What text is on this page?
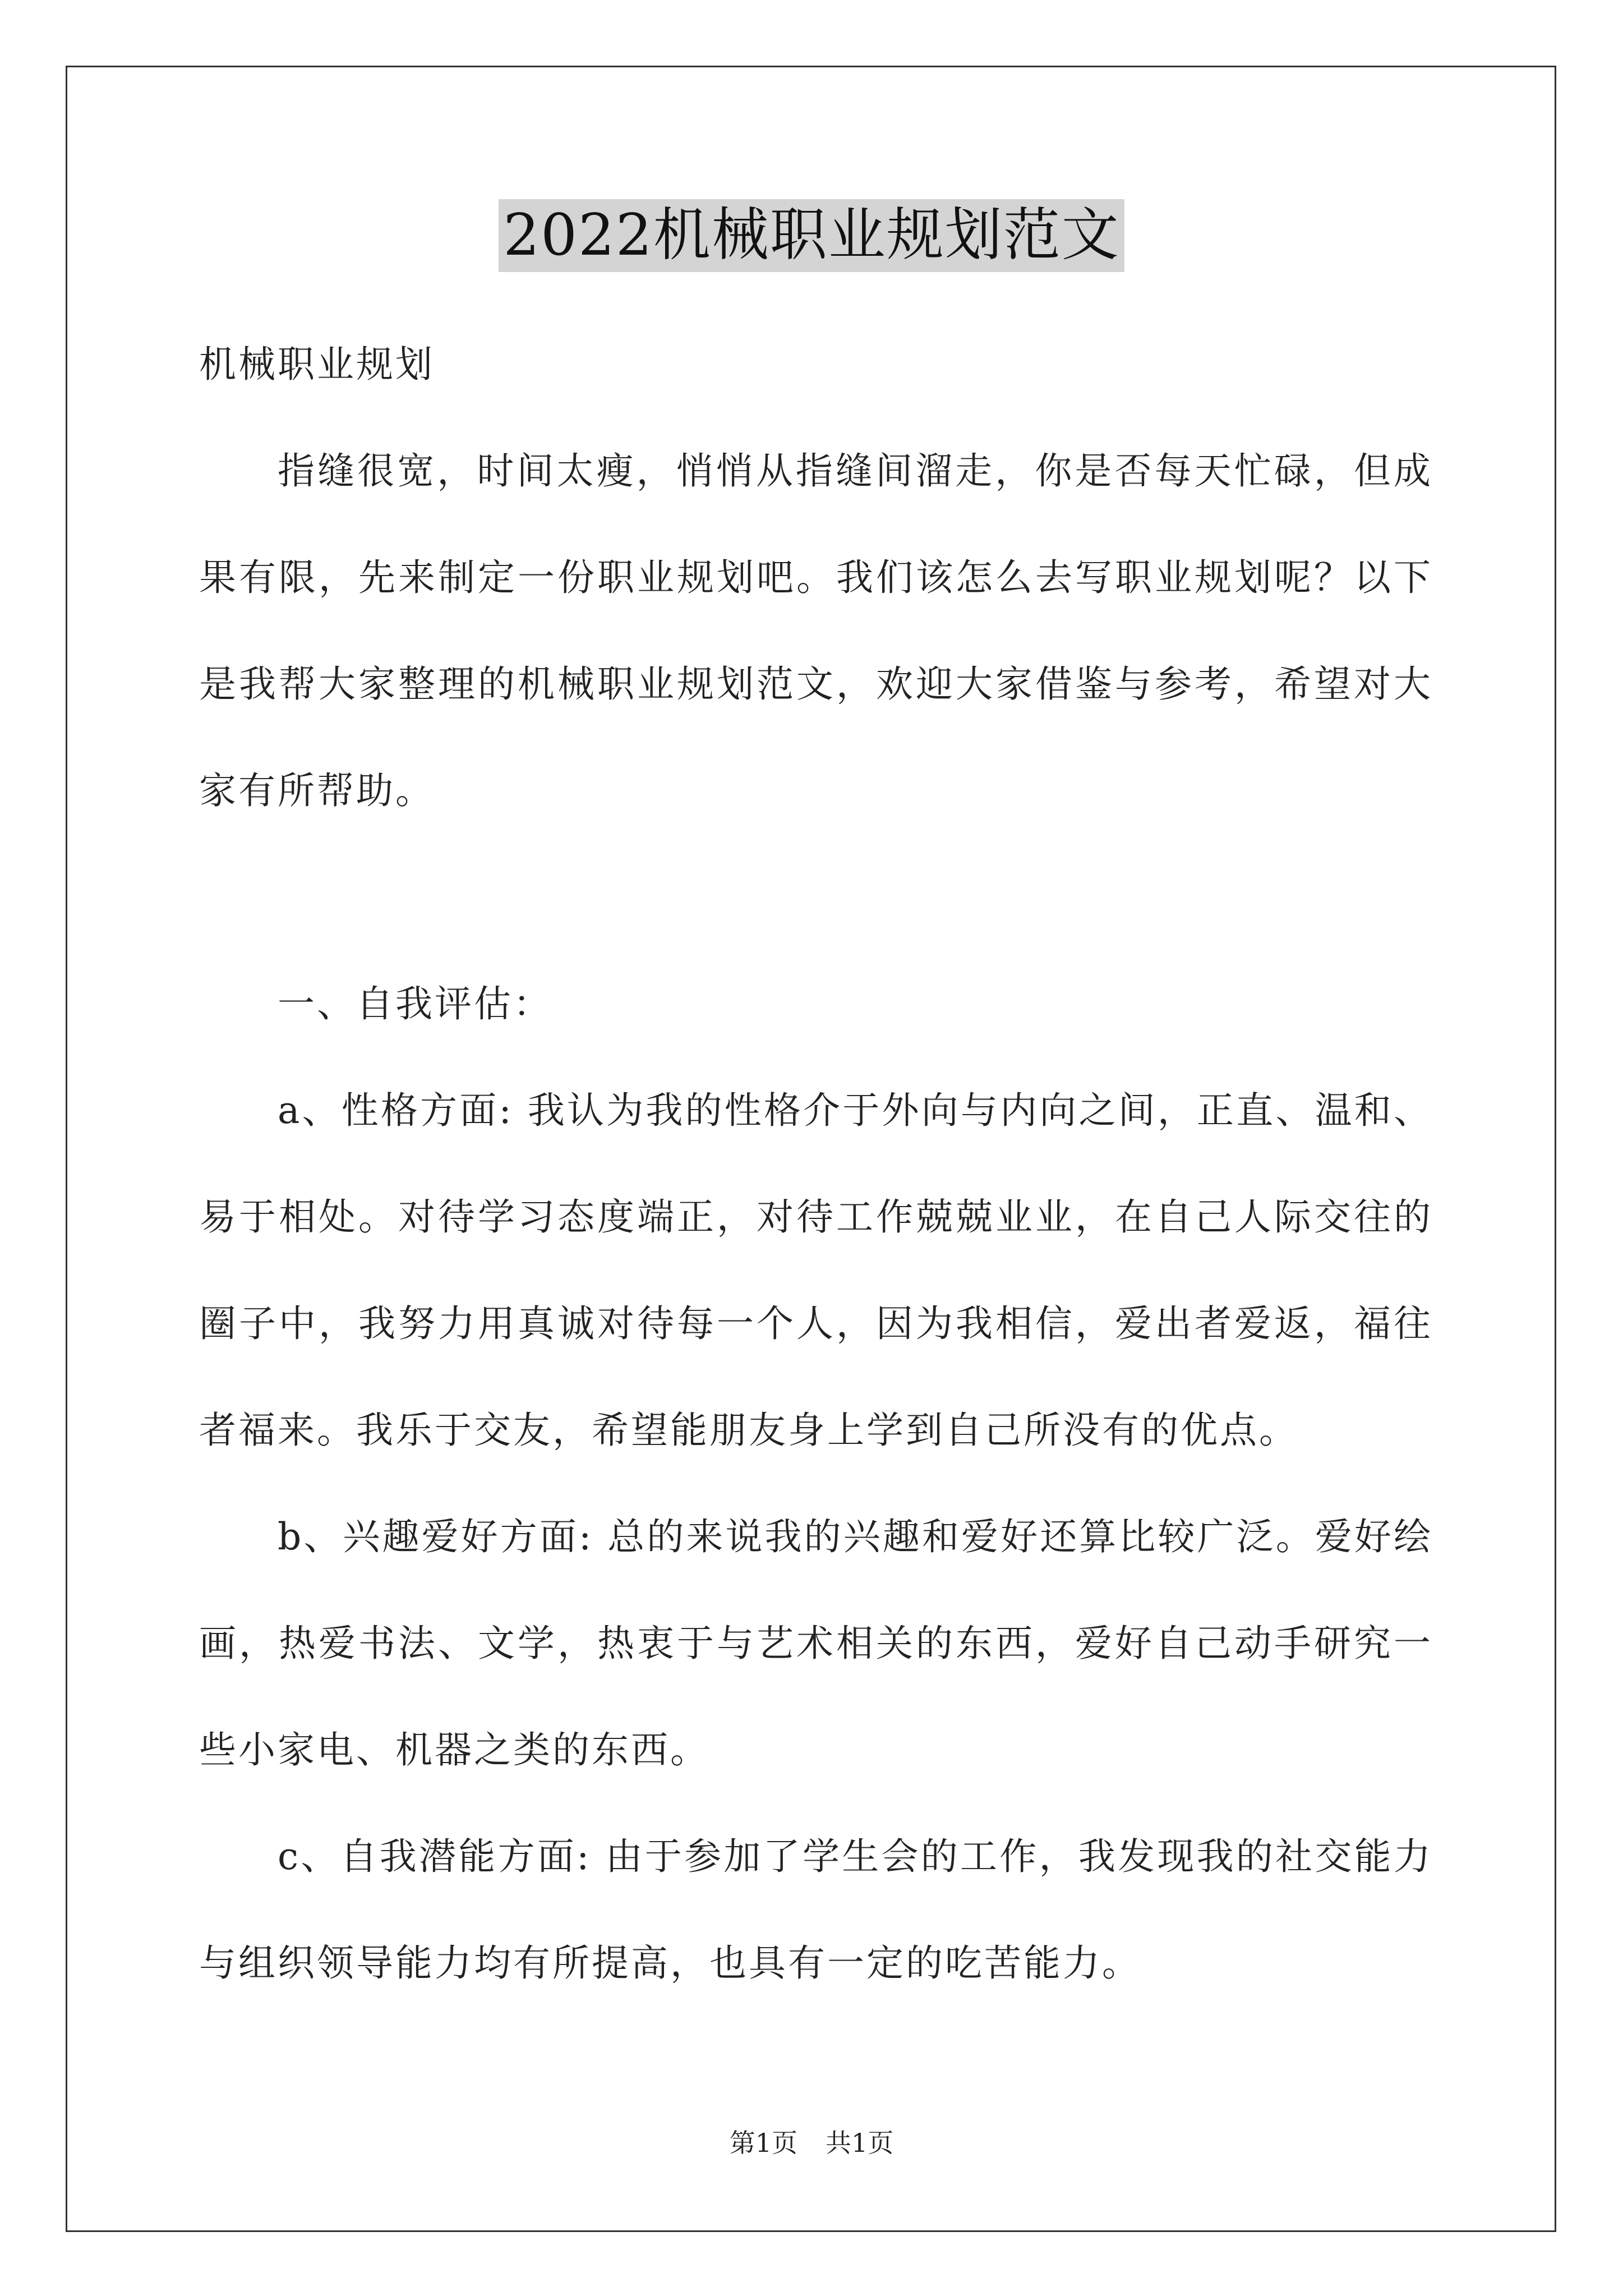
2022机械职业规划范文

机械职业规划

指缝很宽，时间太瘦，悄悄从指缝间溜走，你是否每天忙碌，但成果有限，先来制定一份职业规划吧。我们该怎么去写职业规划呢？以下是我帮大家整理的机械职业规划范文，欢迎大家借鉴与参考，希望对大家有所帮助。

一、自我评估：

a、性格方面: 我认为我的性格介于外向与内向之间，正直、温和、易于相处。对待学习态度端正，对待工作兢兢业业，在自己人际交往的圈子中，我努力用真诚对待每一个人，因为我相信，爱出者爱返，福往者福来。我乐于交友，希望能朋友身上学到自己所没有的优点。

b、兴趣爱好方面: 总的来说我的兴趣和爱好还算比较广泛。爱好绘画，热爱书法、文学，热衷于与艺术相关的东西，爱好自己动手研究一些小家电、机器之类的东西。

c、自我潜能方面: 由于参加了学生会的工作，我发现我的社交能力与组织领导能力均有所提高，也具有一定的吃苦能力。

第1页 共1页
